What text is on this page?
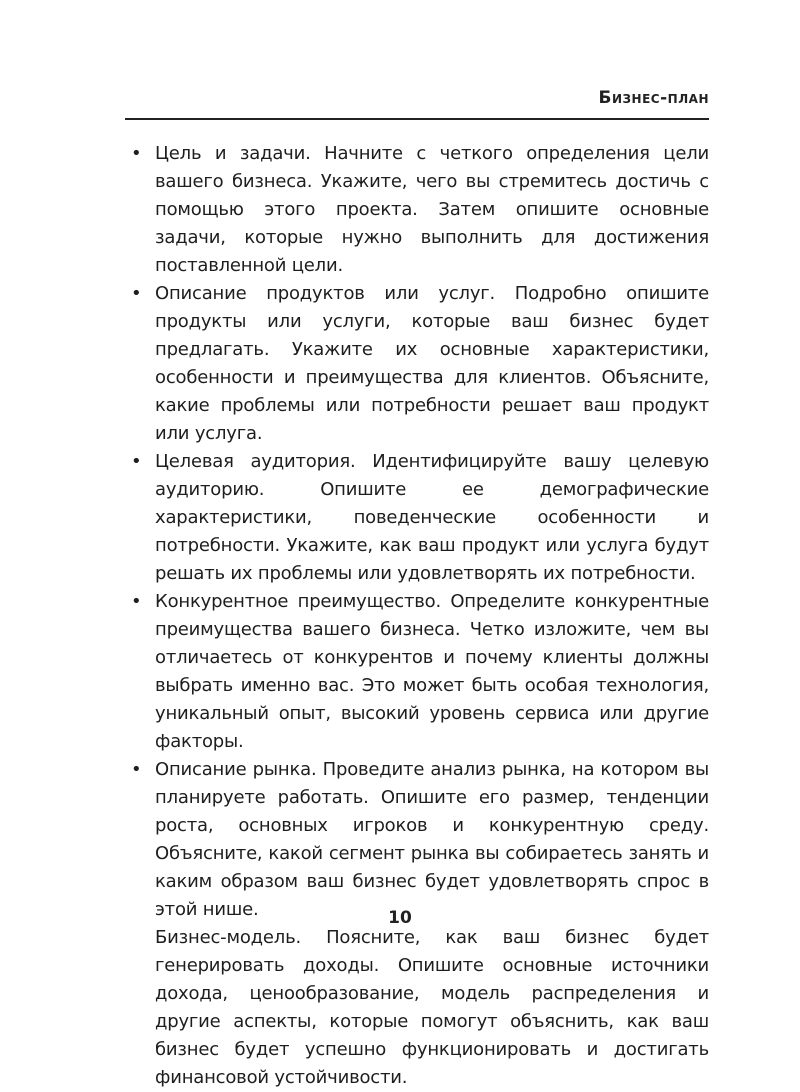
Бизнес-план
• Цель и задачи. Начните с четкого определения цели вашего бизнеса. Укажите, чего вы стремитесь достичь с помощью этого проекта. Затем опишите основные задачи, которые нужно выполнить для достижения поставленной цели.
• Описание продуктов или услуг. Подробно опишите продукты или услуги, которые ваш бизнес будет предлагать. Укажите их основные характеристики, особенности и преимущества для клиентов. Объясните, какие проблемы или потребности решает ваш продукт или услуга.
• Целевая аудитория. Идентифицируйте вашу целевую аудиторию. Опишите ее демографические характеристики, поведенческие особенности и потребности. Укажите, как ваш продукт или услуга будут решать их проблемы или удовлетворять их потребности.
• Конкурентное преимущество. Определите конкурентные преимущества вашего бизнеса. Четко изложите, чем вы отличаетесь от конкурентов и почему клиенты должны выбрать именно вас. Это может быть особая технология, уникальный опыт, высокий уровень сервиса или другие факторы.
• Описание рынка. Проведите анализ рынка, на котором вы планируете работать. Опишите его размер, тенденции роста, основных игроков и конкурентную среду. Объясните, какой сегмент рынка вы собираетесь занять и каким образом ваш бизнес будет удовлетворять спрос в этой нише.

Бизнес-модель. Поясните, как ваш бизнес будет генерировать доходы. Опишите основные источники дохода, ценообразование, модель распределения и другие аспекты, которые помогут объяснить, как ваш бизнес будет успешно функционировать и достигать финансовой устойчивости.

10
